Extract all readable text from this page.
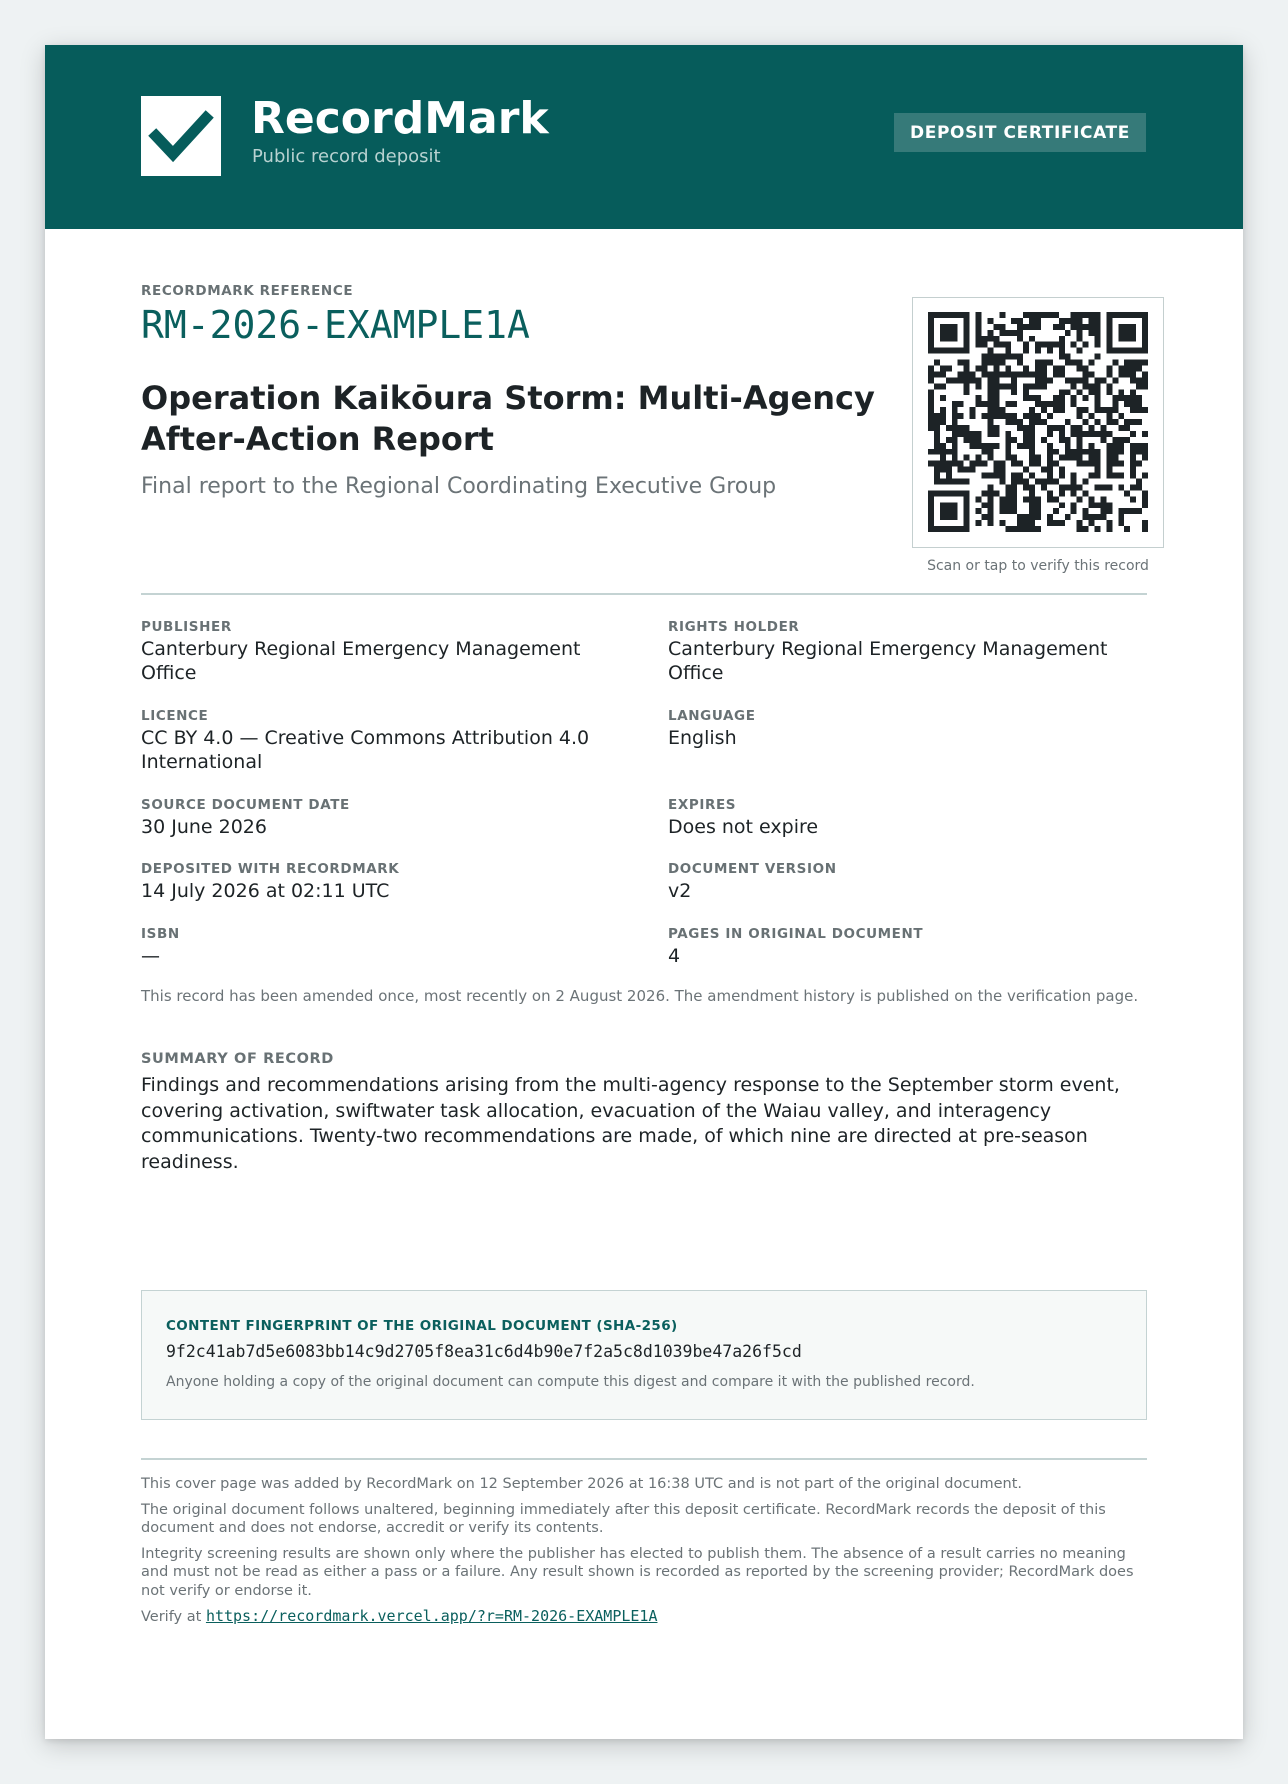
RecordMark
Public record deposit
DEPOSIT CERTIFICATE
RECORDMARK REFERENCE
RM-2026-EXAMPLE1A
Operation Kaikōura Storm: Multi-Agency After-Action Report
Final report to the Regional Coordinating Executive Group
Scan or tap to verify this record
PUBLISHER
Canterbury Regional Emergency Management Office
LICENCE
CC BY 4.0 — Creative Commons Attribution 4.0 International
SOURCE DOCUMENT DATE
30 June 2026
DEPOSITED WITH RECORDMARK
14 July 2026 at 02:11 UTC
ISBN
—
RIGHTS HOLDER
Canterbury Regional Emergency Management Office
LANGUAGE
English
EXPIRES
Does not expire
DOCUMENT VERSION
v2
PAGES IN ORIGINAL DOCUMENT
4
This record has been amended once, most recently on 2 August 2026. The amendment history is published on the verification page.
SUMMARY OF RECORD
Findings and recommendations arising from the multi-agency response to the September storm event, covering activation, swiftwater task allocation, evacuation of the Waiau valley, and interagency communications. Twenty-two recommendations are made, of which nine are directed at pre-season readiness.
CONTENT FINGERPRINT OF THE ORIGINAL DOCUMENT (SHA-256)
9f2c41ab7d5e6083bb14c9d2705f8ea31c6d4b90e7f2a5c8d1039be47a26f5cd
Anyone holding a copy of the original document can compute this digest and compare it with the published record.

This cover page was added by RecordMark on 12 September 2026 at 16:38 UTC and is not part of the original document.

The original document follows unaltered, beginning immediately after this deposit certificate. RecordMark records the deposit of this document and does not endorse, accredit or verify its contents.

Integrity screening results are shown only where the publisher has elected to publish them. The absence of a result carries no meaning and must not be read as either a pass or a failure. Any result shown is recorded as reported by the screening provider; RecordMark does not verify or endorse it.

Verify at https://recordmark.vercel.app/?r=RM-2026-EXAMPLE1A
